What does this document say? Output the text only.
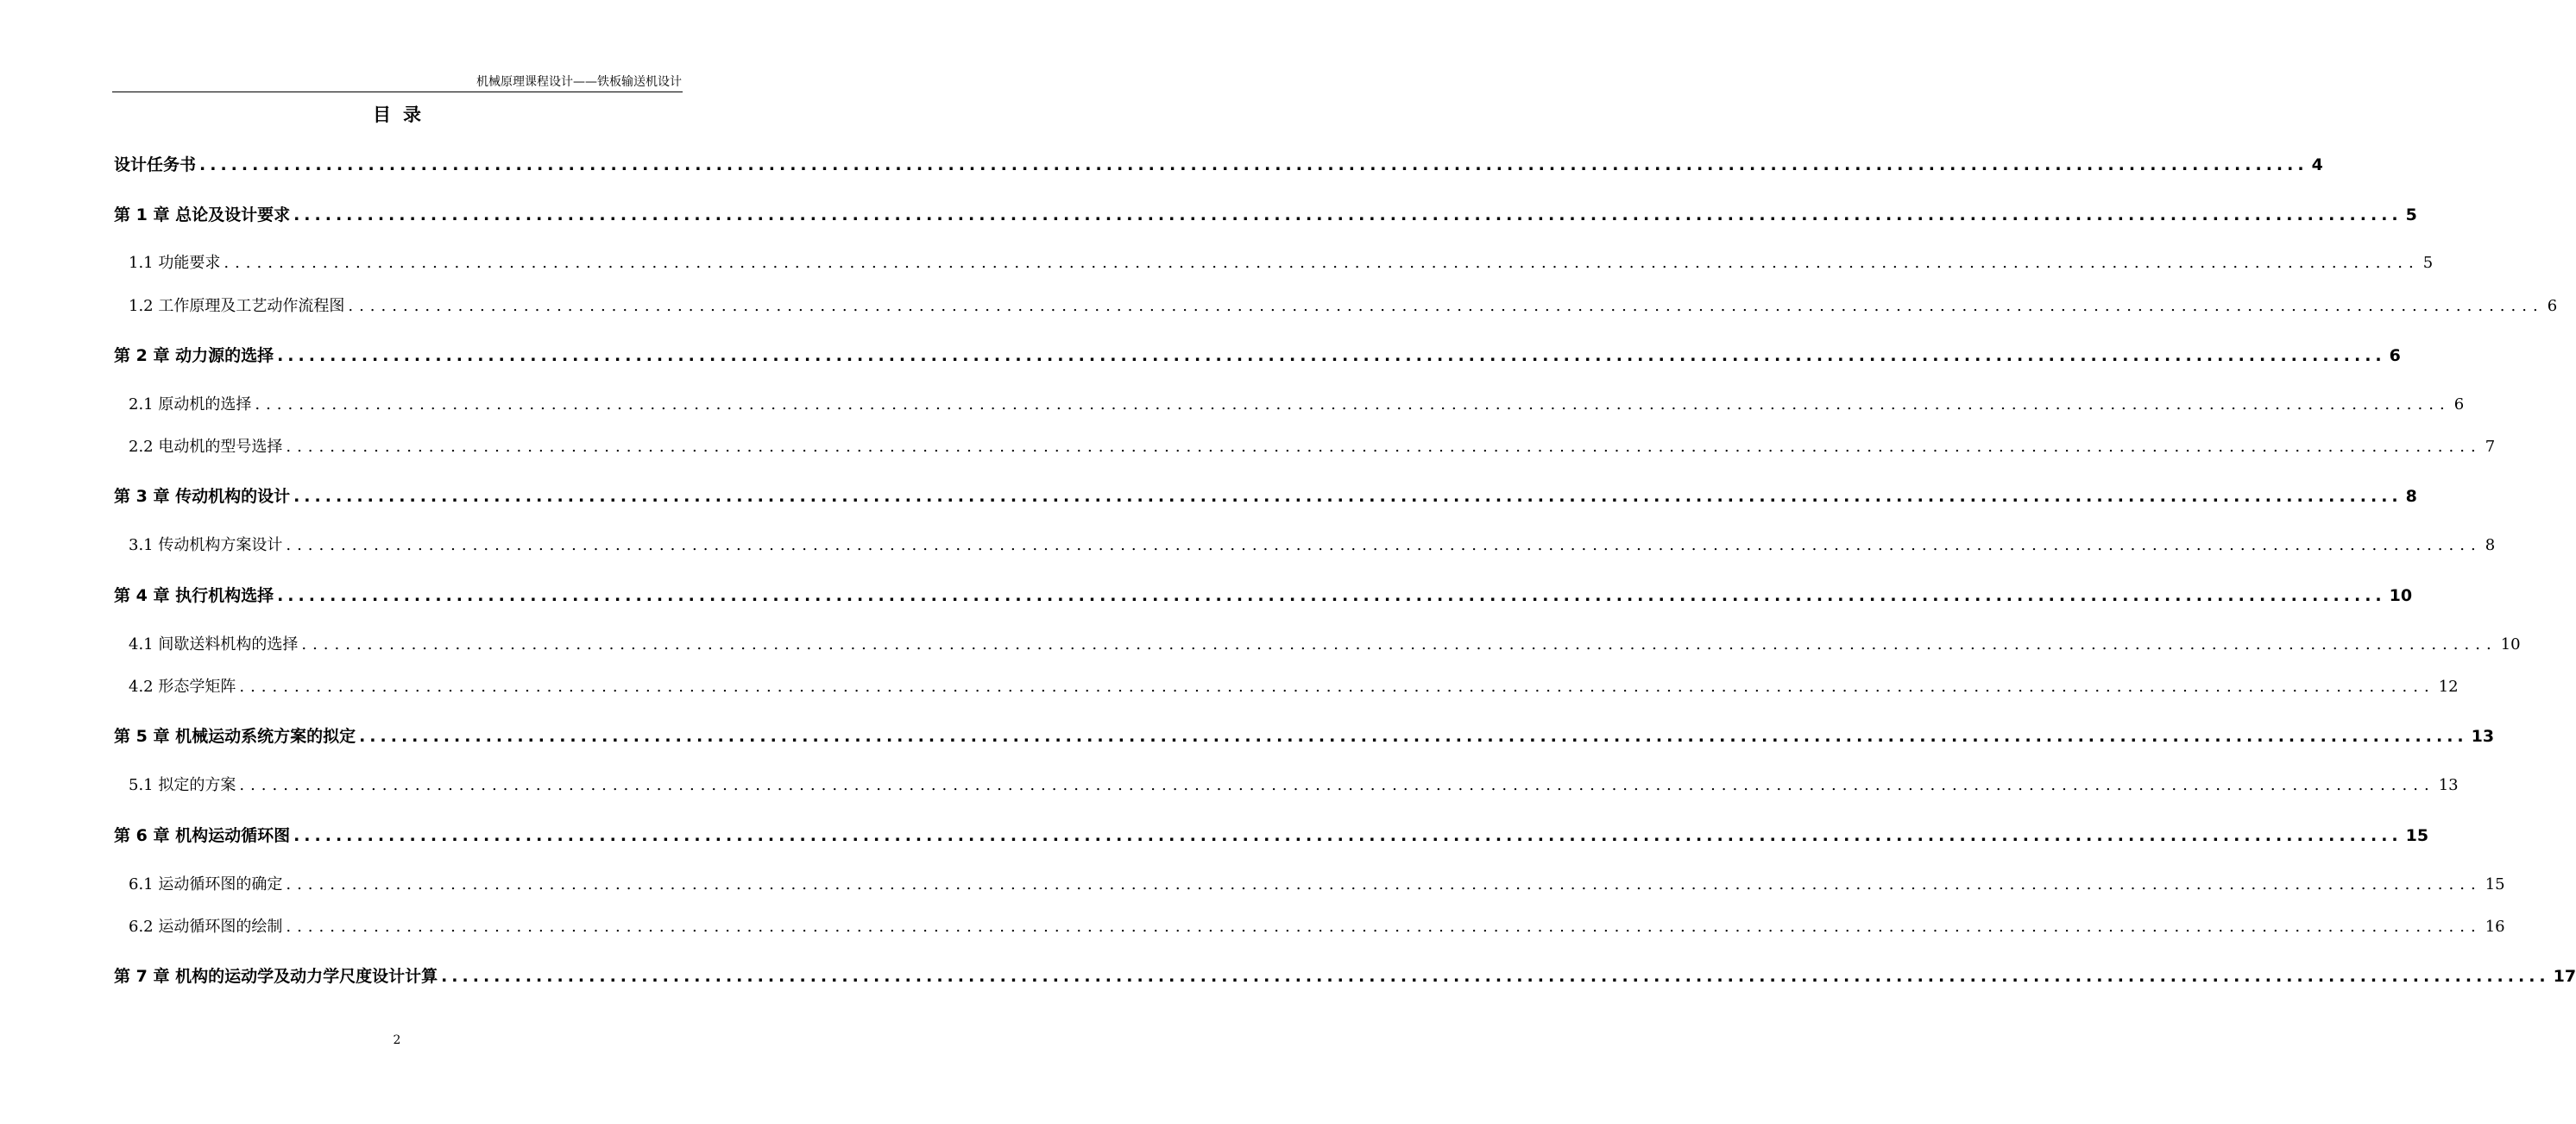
机械原理课程设计——铁板输送机设计
目录
设计任务书 ........................................................................................................................................................................................................ 4
第 1 章 总论及设计要求 ........................................................................................................................................................................................................ 5
1.1 功能要求 ........................................................................................................................................................................................................ 5
1.2 工作原理及工艺动作流程图 ........................................................................................................................................................................................................ 6
第 2 章 动力源的选择 ........................................................................................................................................................................................................ 6
2.1 原动机的选择 ........................................................................................................................................................................................................ 6
2.2 电动机的型号选择 ........................................................................................................................................................................................................ 7
第 3 章 传动机构的设计 ........................................................................................................................................................................................................ 8
3.1 传动机构方案设计 ........................................................................................................................................................................................................ 8
第 4 章 执行机构选择 ........................................................................................................................................................................................................ 10
4.1 间歇送料机构的选择 ........................................................................................................................................................................................................ 10
4.2 形态学矩阵 ........................................................................................................................................................................................................ 12
第 5 章 机械运动系统方案的拟定 ........................................................................................................................................................................................................ 13
5.1 拟定的方案 ........................................................................................................................................................................................................ 13
第 6 章 机构运动循环图 ........................................................................................................................................................................................................ 15
6.1 运动循环图的确定 ........................................................................................................................................................................................................ 15
6.2 运动循环图的绘制 ........................................................................................................................................................................................................ 16
第 7 章 机构的运动学及动力学尺度设计计算 ........................................................................................................................................................................................................ 17
2
